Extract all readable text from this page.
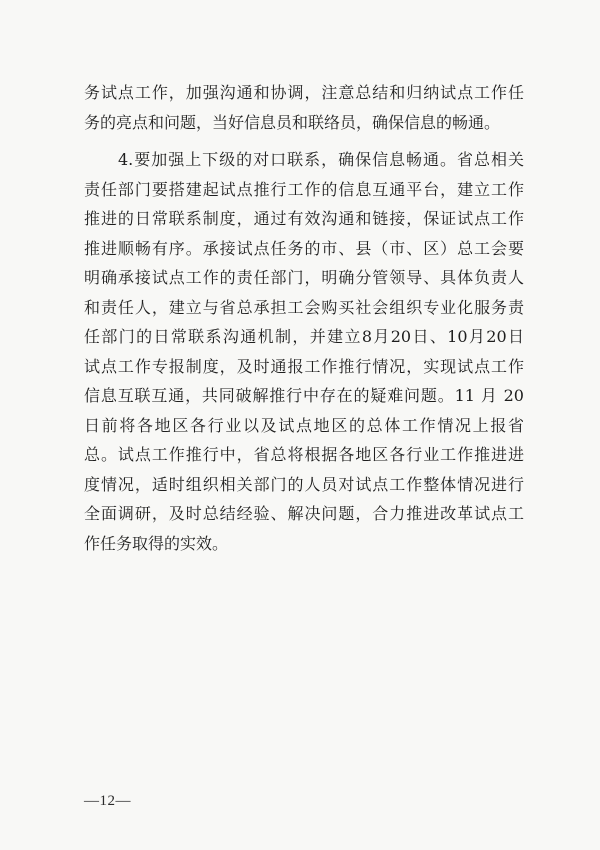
务试点工作，加强沟通和协调，注意总结和归纳试点工作任
务的亮点和问题，当好信息员和联络员，确保信息的畅通。
　　4.要加强上下级的对口联系，确保信息畅通。省总相关
责任部门要搭建起试点推行工作的信息互通平台，建立工作
推进的日常联系制度，通过有效沟通和链接，保证试点工作
推进顺畅有序。承接试点任务的市、县（市、区）总工会要
明确承接试点工作的责任部门，明确分管领导、具体负责人
和责任人，建立与省总承担工会购买社会组织专业化服务责
任部门的日常联系沟通机制，并建立8月20日、10月20日
试点工作专报制度，及时通报工作推行情况，实现试点工作
信息互联互通，共同破解推行中存在的疑难问题。11 月 20
日前将各地区各行业以及试点地区的总体工作情况上报省
总。试点工作推行中，省总将根据各地区各行业工作推进进
度情况，适时组织相关部门的人员对试点工作整体情况进行
全面调研，及时总结经验、解决问题，合力推进改革试点工
作任务取得的实效。
—12—
